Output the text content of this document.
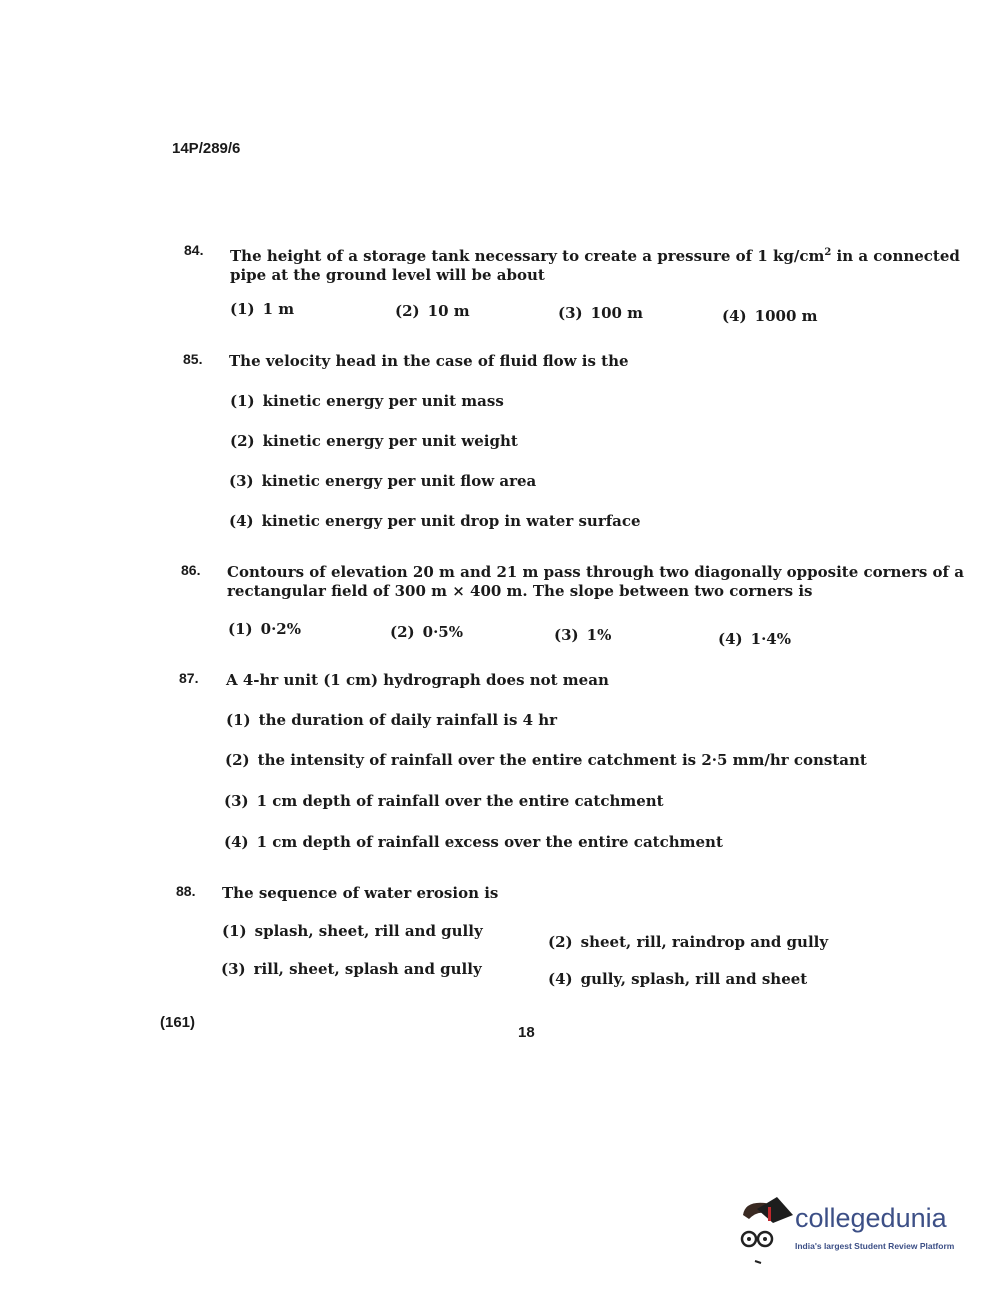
14P/289/6
84. The height of a storage tank necessary to create a pressure of 1 $kg/cm^2$ in a connected
pipe at the ground level will be about
(1) 1 m	(2) 10 m	(3) 100 m	(4) 1000 m
85. The velocity head in the case of fluid flow is the
(1) kinetic energy per unit mass
(2) kinetic energy per unit weight
(3) kinetic energy per unit flow area
(4) kinetic energy per unit drop in water surface
86. Contours of elevation 20 m and 21 m pass through two diagonally opposite corners of a
rectangular field of 300 m × 400 m. The slope between two corners is
(1) 0·2%	(2) 0·5%	(3) 1%	(4) 1·4%
87. A 4-hr unit (1 cm) hydrograph does not mean
(1) the duration of daily rainfall is 4 hr
(2) the intensity of rainfall over the entire catchment is 2·5 mm/hr constant
(3) 1 cm depth of rainfall over the entire catchment
(4) 1 cm depth of rainfall excess over the entire catchment
88. The sequence of water erosion is
(1) splash, sheet, rill and gully
(2) sheet, rill, raindrop and gully
(3) rill, sheet, splash and gully
(4) gully, splash, rill and sheet
(161)
18
collegedunia
India's largest Student Review Platform
